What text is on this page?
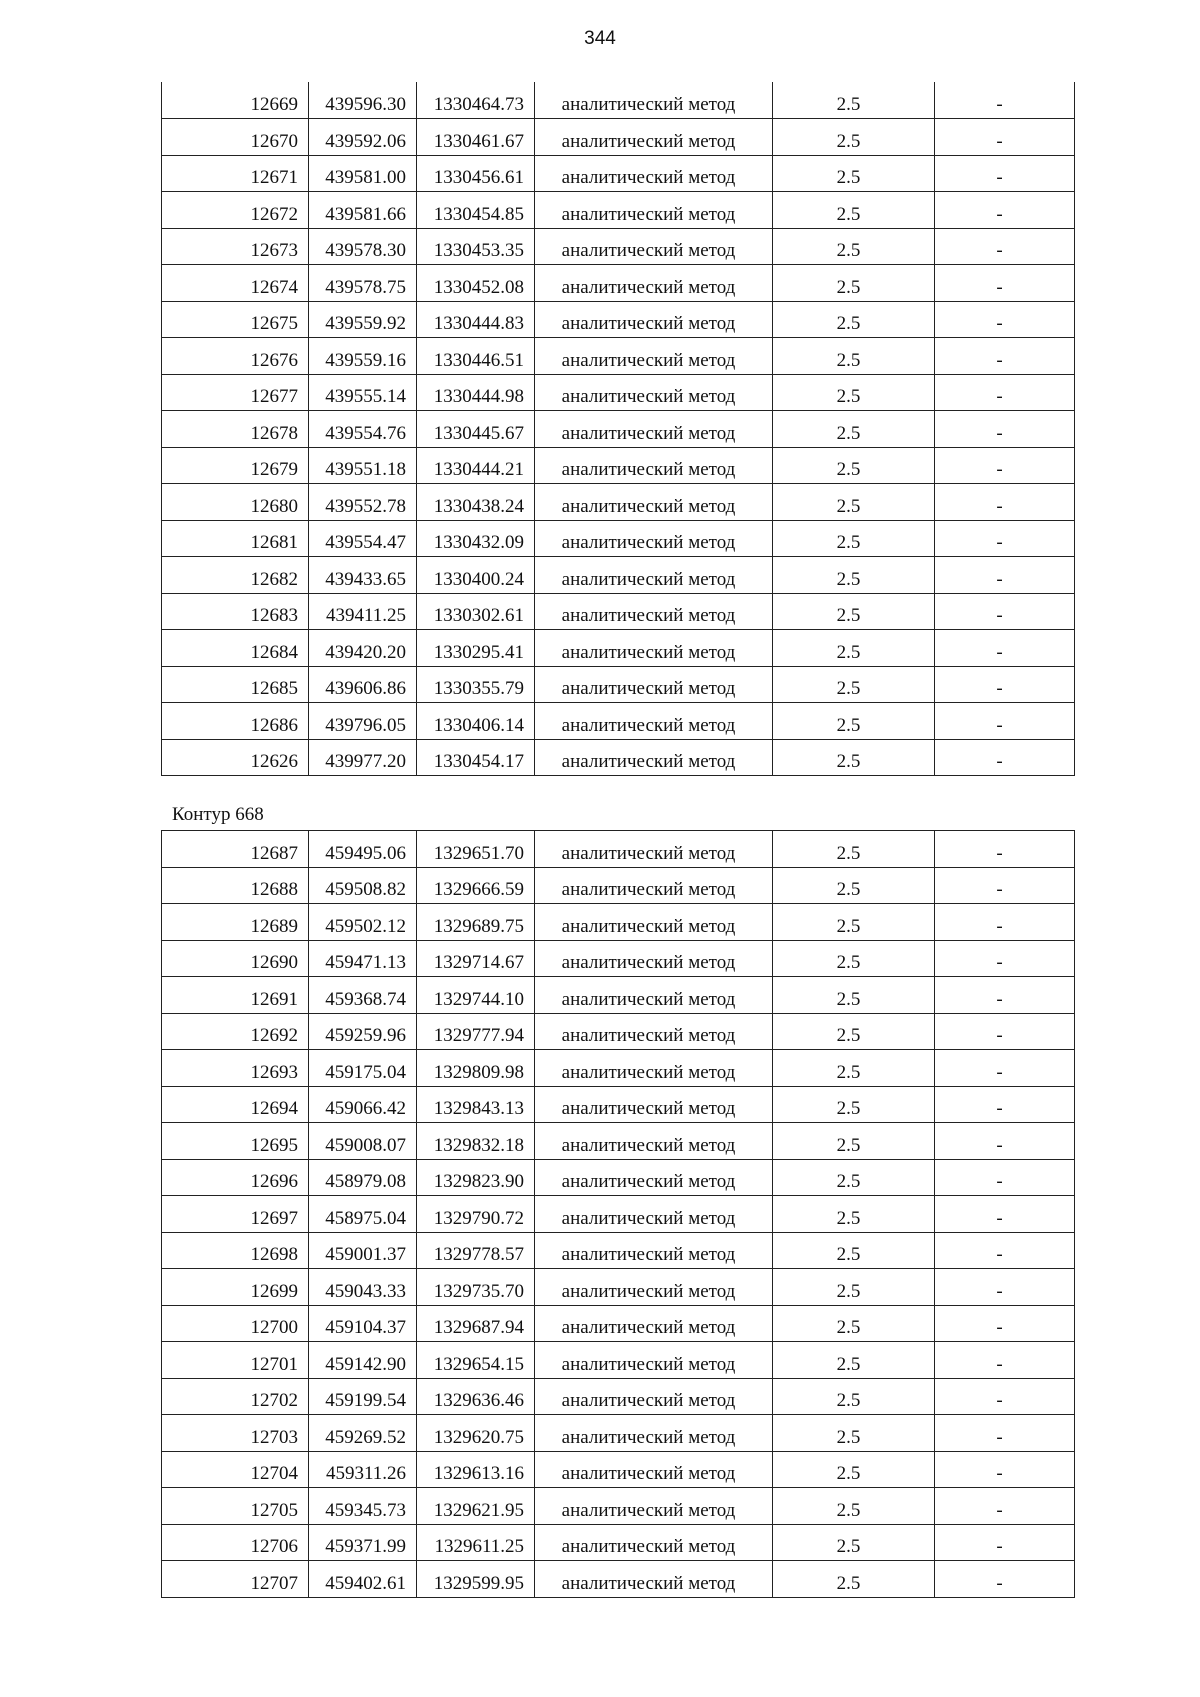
344
12669	439596.30	1330464.73	аналитический метод	2.5	-
12670	439592.06	1330461.67	аналитический метод	2.5	-
12671	439581.00	1330456.61	аналитический метод	2.5	-
12672	439581.66	1330454.85	аналитический метод	2.5	-
12673	439578.30	1330453.35	аналитический метод	2.5	-
12674	439578.75	1330452.08	аналитический метод	2.5	-
12675	439559.92	1330444.83	аналитический метод	2.5	-
12676	439559.16	1330446.51	аналитический метод	2.5	-
12677	439555.14	1330444.98	аналитический метод	2.5	-
12678	439554.76	1330445.67	аналитический метод	2.5	-
12679	439551.18	1330444.21	аналитический метод	2.5	-
12680	439552.78	1330438.24	аналитический метод	2.5	-
12681	439554.47	1330432.09	аналитический метод	2.5	-
12682	439433.65	1330400.24	аналитический метод	2.5	-
12683	439411.25	1330302.61	аналитический метод	2.5	-
12684	439420.20	1330295.41	аналитический метод	2.5	-
12685	439606.86	1330355.79	аналитический метод	2.5	-
12686	439796.05	1330406.14	аналитический метод	2.5	-
12626	439977.20	1330454.17	аналитический метод	2.5	-
Контур 668
12687	459495.06	1329651.70	аналитический метод	2.5	-
12688	459508.82	1329666.59	аналитический метод	2.5	-
12689	459502.12	1329689.75	аналитический метод	2.5	-
12690	459471.13	1329714.67	аналитический метод	2.5	-
12691	459368.74	1329744.10	аналитический метод	2.5	-
12692	459259.96	1329777.94	аналитический метод	2.5	-
12693	459175.04	1329809.98	аналитический метод	2.5	-
12694	459066.42	1329843.13	аналитический метод	2.5	-
12695	459008.07	1329832.18	аналитический метод	2.5	-
12696	458979.08	1329823.90	аналитический метод	2.5	-
12697	458975.04	1329790.72	аналитический метод	2.5	-
12698	459001.37	1329778.57	аналитический метод	2.5	-
12699	459043.33	1329735.70	аналитический метод	2.5	-
12700	459104.37	1329687.94	аналитический метод	2.5	-
12701	459142.90	1329654.15	аналитический метод	2.5	-
12702	459199.54	1329636.46	аналитический метод	2.5	-
12703	459269.52	1329620.75	аналитический метод	2.5	-
12704	459311.26	1329613.16	аналитический метод	2.5	-
12705	459345.73	1329621.95	аналитический метод	2.5	-
12706	459371.99	1329611.25	аналитический метод	2.5	-
12707	459402.61	1329599.95	аналитический метод	2.5	-
